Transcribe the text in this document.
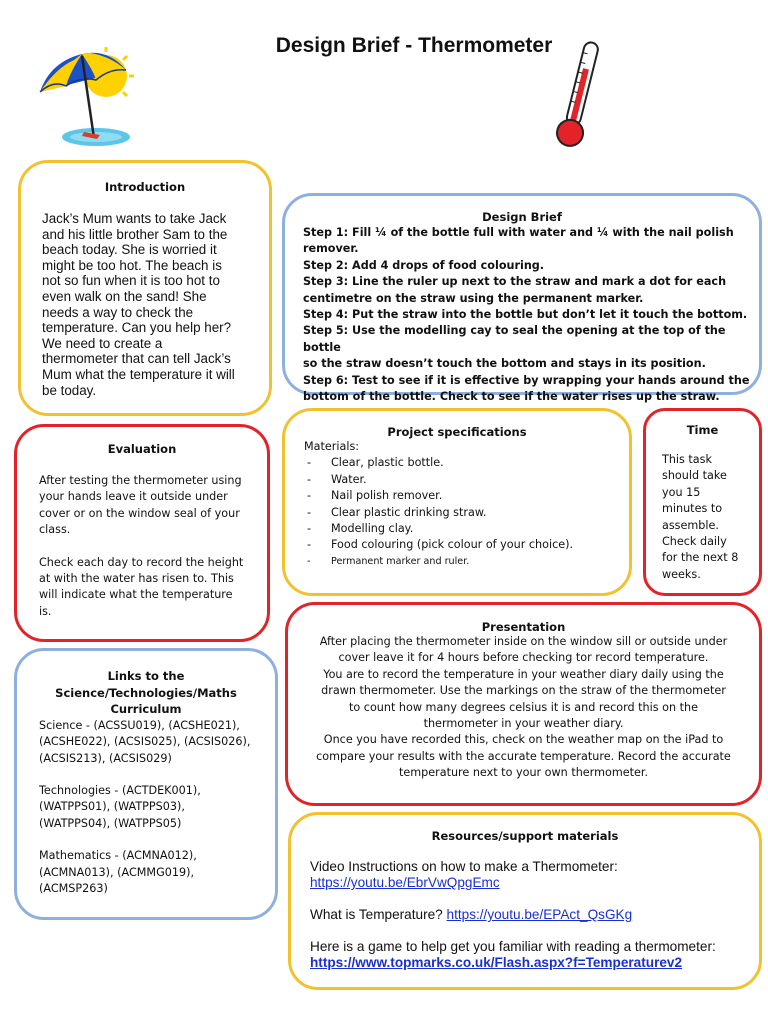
Design Brief - Thermometer
Introduction
Jack’s Mum wants to take Jack
and his little brother Sam to the
beach today. She is worried it
might be too hot. The beach is
not so fun when it is too hot to
even walk on the sand! She
needs a way to check the
temperature. Can you help her?
We need to create a
thermometer that can tell Jack’s
Mum what the temperature it will
be today.
Design Brief
Step 1: Fill ¼ of the bottle full with water and ¼ with the nail polish
remover.
Step 2: Add 4 drops of food colouring.
Step 3: Line the ruler up next to the straw and mark a dot for each
centimetre on the straw using the permanent marker.
Step 4: Put the straw into the bottle but don’t let it touch the bottom.
Step 5: Use the modelling cay to seal the opening at the top of the bottle
so the straw doesn’t touch the bottom and stays in its position.
Step 6: Test to see if it is effective by wrapping your hands around the
bottom of the bottle. Check to see if the water rises up the straw.
Evaluation
After testing the thermometer using
your hands leave it outside under
cover or on the window seal of your
class.
Check each day to record the height
at with the water has risen to. This
will indicate what the temperature
is.
Project specifications
Materials:
- Clear, plastic bottle.
- Water.
- Nail polish remover.
- Clear plastic drinking straw.
- Modelling clay.
- Food colouring (pick colour of your choice).
- Permanent marker and ruler.
Time
This task
should take
you 15
minutes to
assemble.
Check daily
for the next 8
weeks.
Links to the
Science/Technologies/Maths
Curriculum
Science - (ACSSU019), (ACSHE021),
(ACSHE022), (ACSIS025), (ACSIS026),
(ACSIS213), (ACSIS029)
Technologies - (ACTDEK001),
(WATPPS01), (WATPPS03),
(WATPPS04), (WATPPS05)
Mathematics - (ACMNA012),
(ACMNA013), (ACMMG019),
(ACMSP263)
Presentation
After placing the thermometer inside on the window sill or outside under
cover leave it for 4 hours before checking tor record temperature.
You are to record the temperature in your weather diary daily using the
drawn thermometer. Use the markings on the straw of the thermometer
to count how many degrees celsius it is and record this on the
thermometer in your weather diary.
Once you have recorded this, check on the weather map on the iPad to
compare your results with the accurate temperature. Record the accurate
temperature next to your own thermometer.
Resources/support materials
Video Instructions on how to make a Thermometer:
https://youtu.be/EbrVwQpgEmc
What is Temperature? https://youtu.be/EPAct_QsGKg
Here is a game to help get you familiar with reading a thermometer:
https://www.topmarks.co.uk/Flash.aspx?f=Temperaturev2
